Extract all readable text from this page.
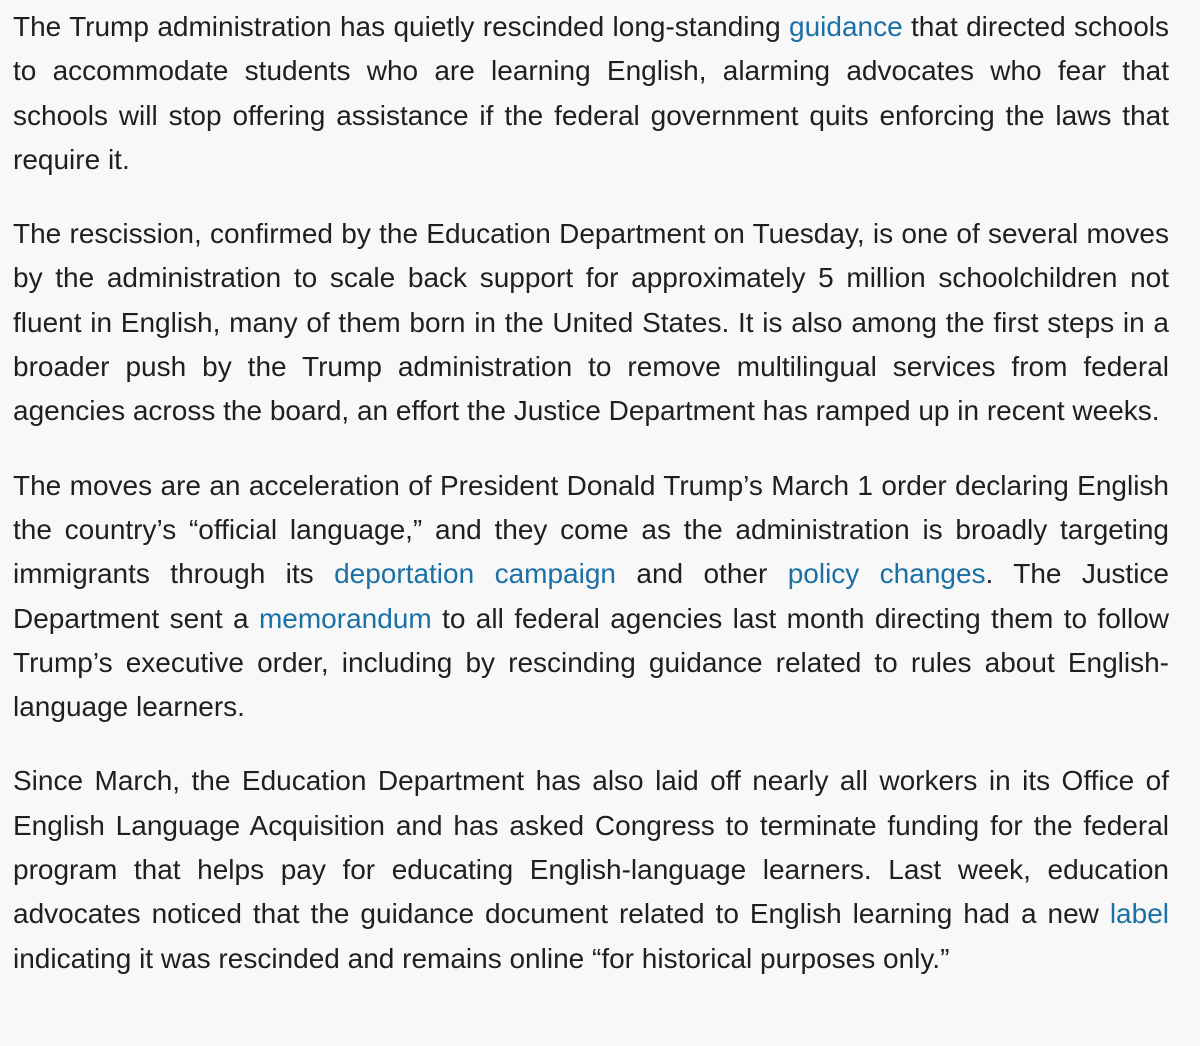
The Trump administration has quietly rescinded long-standing guidance that directed schools to accommodate students who are learning English, alarming advocates who fear that schools will stop offering assistance if the federal government quits enforcing the laws that require it.

The rescission, confirmed by the Education Department on Tuesday, is one of several moves by the administration to scale back support for approximately 5 million schoolchildren not fluent in English, many of them born in the United States. It is also among the first steps in a broader push by the Trump administration to remove multilingual services from federal agencies across the board, an effort the Justice Department has ramped up in recent weeks.

The moves are an acceleration of President Donald Trump’s March 1 order declaring English the country’s “official language,” and they come as the administration is broadly targeting immigrants through its deportation campaign and other policy changes. The Justice Department sent a memorandum to all federal agencies last month directing them to follow Trump’s executive order, including by rescinding guidance related to rules about English-language learners.

Since March, the Education Department has also laid off nearly all workers in its Office of English Language Acquisition and has asked Congress to terminate funding for the federal program that helps pay for educating English-language learners. Last week, education advocates noticed that the guidance document related to English learning had a new label indicating it was rescinded and remains online “for historical purposes only.”
